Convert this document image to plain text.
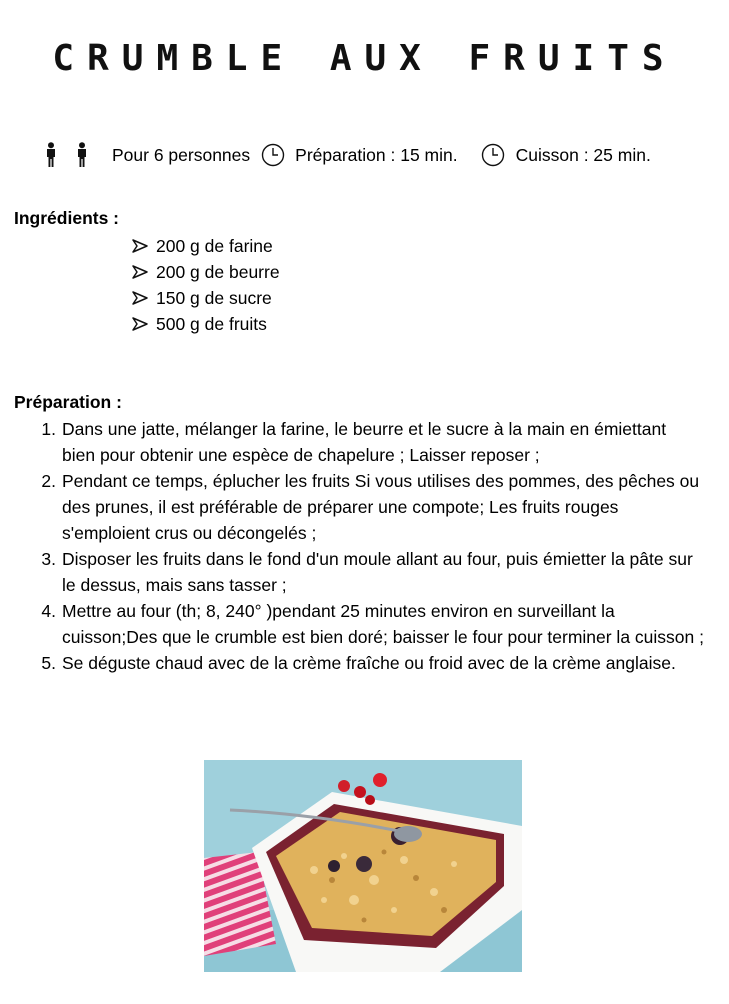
CRUMBLE AUX FRUITS
Pour 6 personnes	Préparation : 15 min.	Cuisson : 25 min.
Ingrédients :
200 g de farine
200 g de beurre
150 g de sucre
500 g de fruits
Préparation :
1. Dans une jatte, mélanger la farine, le beurre et le sucre à la main en émiettant bien pour obtenir une espèce de chapelure ; Laisser reposer ;
2. Pendant ce temps, éplucher les fruits Si vous utilises des pommes, des pêches ou des prunes, il est préférable de préparer une compote; Les fruits rouges s'emploient crus ou décongelés ;
3. Disposer les fruits dans le fond d'un moule allant au four, puis émietter la pâte sur le dessus, mais sans tasser ;
4. Mettre au four (th; 8, 240° )pendant 25 minutes environ en surveillant la cuisson;Des que le crumble est bien doré; baisser le four pour terminer la cuisson ;
5. Se déguste chaud avec de la crème fraîche ou froid avec de la crème anglaise.
